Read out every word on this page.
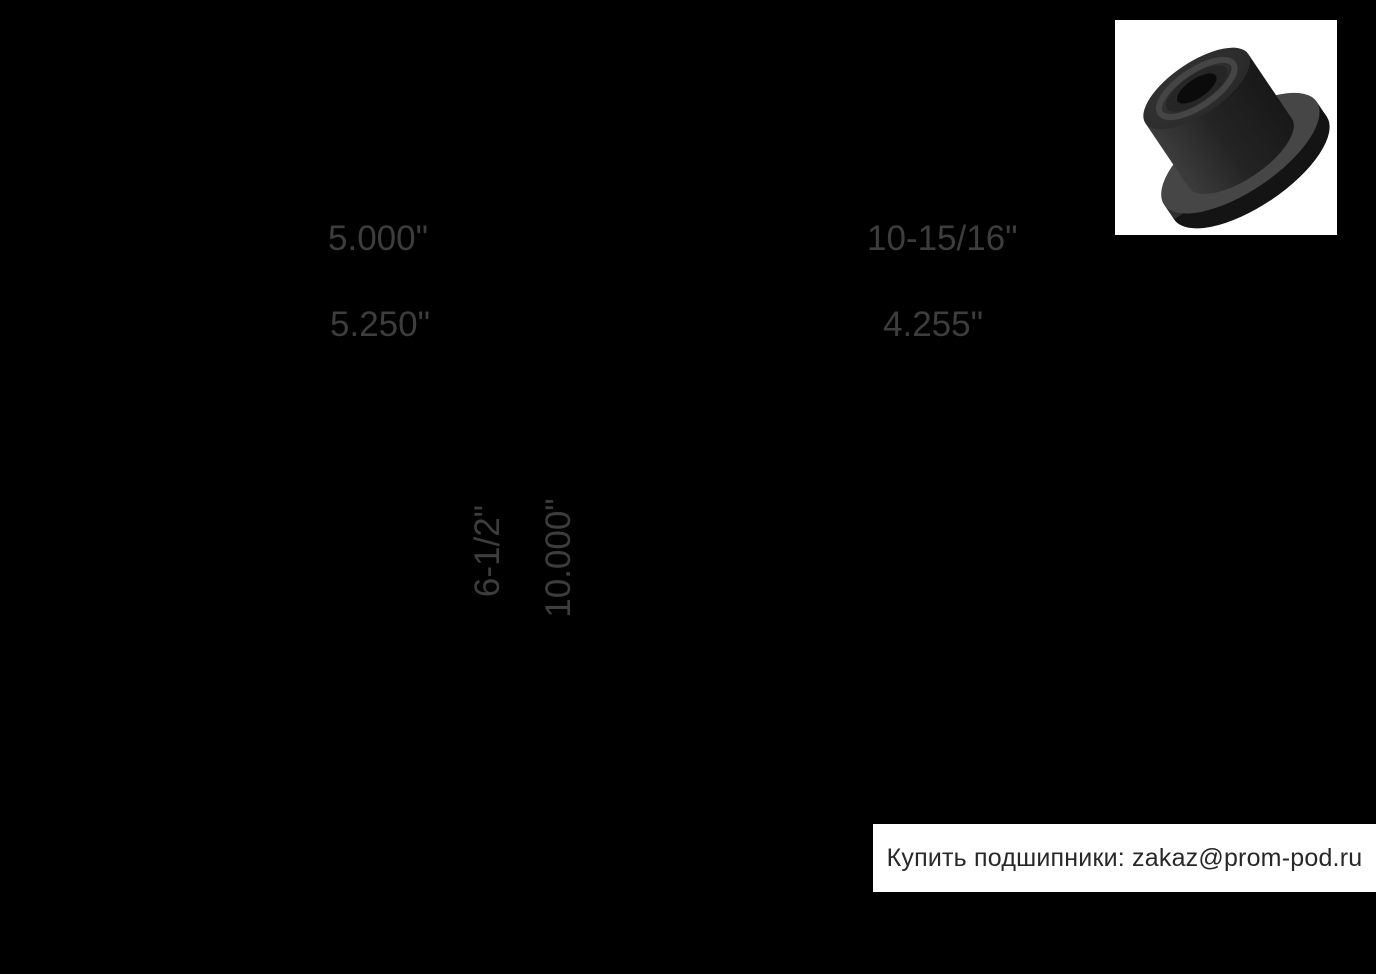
5.000"	10-15/16"
5.250"	4.255"
6-1/2" 10.000"
Купить подшипники: zakaz@prom-pod.ru
